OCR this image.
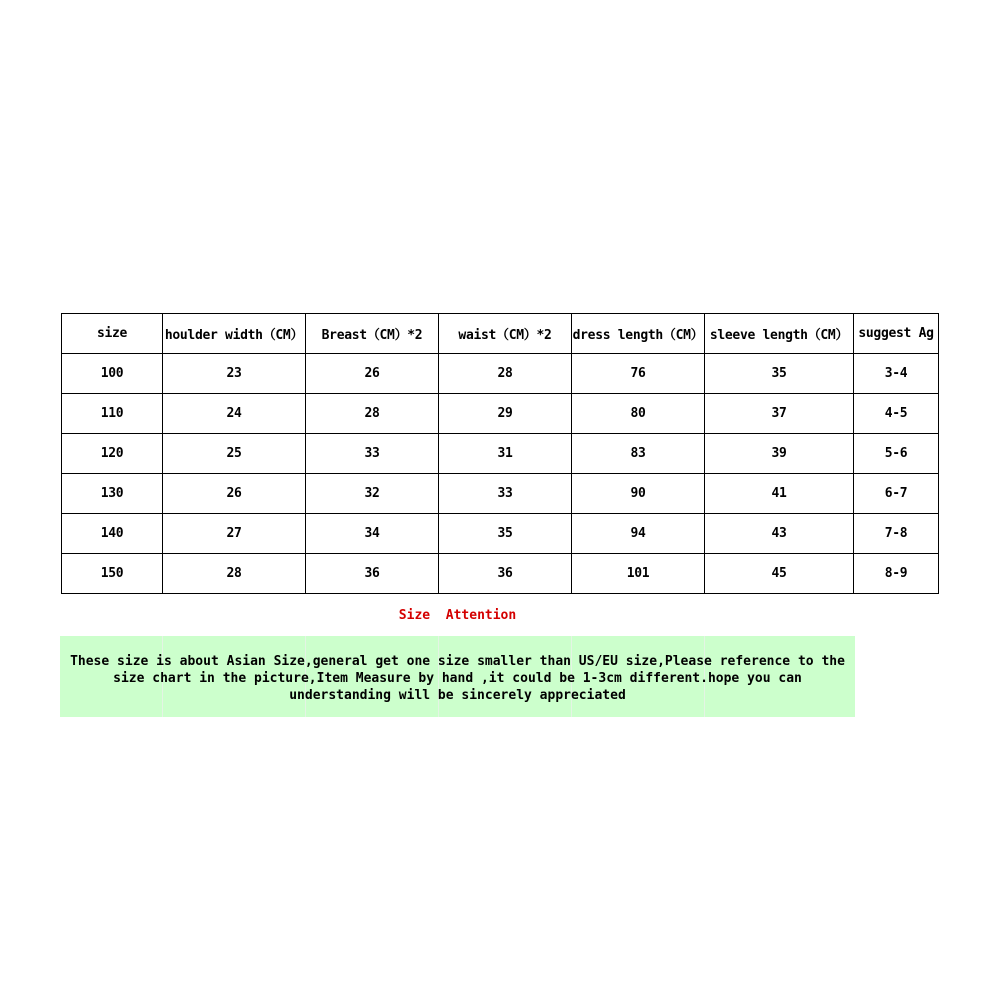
size	houlder width（CM）	Breast（CM）*2	waist（CM）*2	dress length（CM）	sleeve length（CM）	suggest Ag
100	23	26	28	76	35	3-4
110	24	28	29	80	37	4-5
120	25	33	31	83	39	5-6
130	26	32	33	90	41	6-7
140	27	34	35	94	43	7-8
150	28	36	36	101	45	8-9
Size  Attention
These size is about Asian Size,general get one size smaller than US/EU size,Please reference to the
size chart in the picture,Item Measure by hand ,it could be 1-3cm different.hope you can
understanding will be sincerely appreciated
